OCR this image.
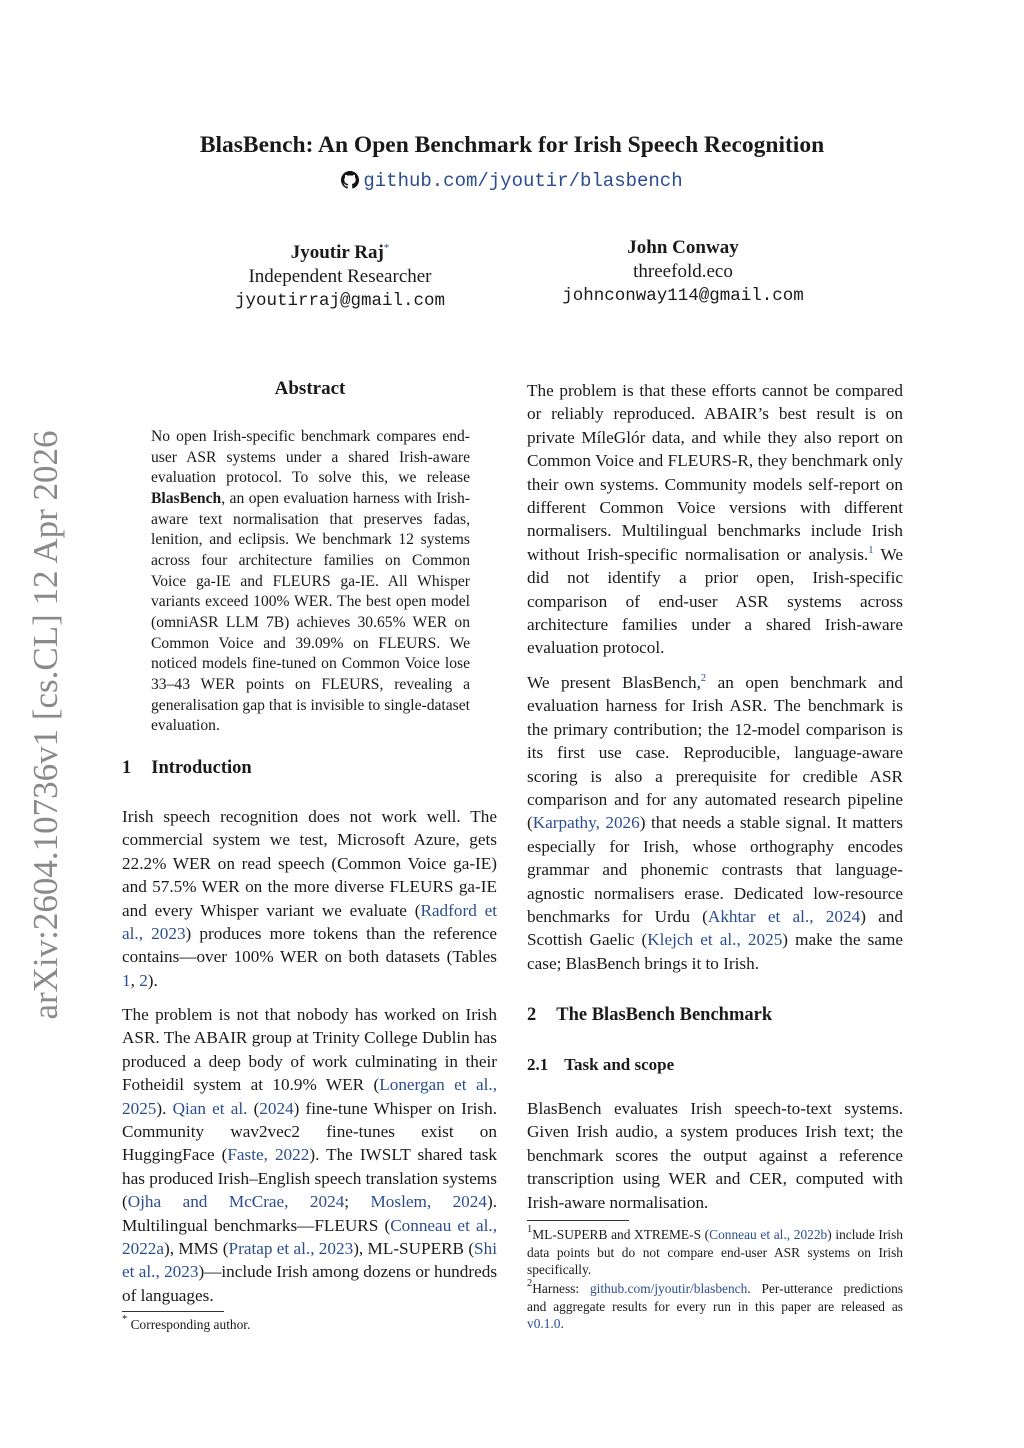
BlasBench: An Open Benchmark for Irish Speech Recognition
github.com/jyoutir/blasbench
Jyoutir Raj*
Independent Researcher
jyoutirraj@gmail.com
John Conway
threefold.eco
johnconway114@gmail.com
arXiv:2604.10736v1 [cs.CL] 12 Apr 2026
Abstract
No open Irish-specific benchmark compares end-user ASR systems under a shared Irish-aware evaluation protocol. To solve this, we release BlasBench, an open evaluation harness with Irish-aware text normalisation that preserves fadas, lenition, and eclipsis. We benchmark 12 systems across four architecture families on Common Voice ga-IE and FLEURS ga-IE. All Whisper variants exceed 100% WER. The best open model (omniASR LLM 7B) achieves 30.65% WER on Common Voice and 39.09% on FLEURS. We noticed models fine-tuned on Common Voice lose 33–43 WER points on FLEURS, revealing a generalisation gap that is invisible to single-dataset evaluation.
1 Introduction

Irish speech recognition does not work well. The commercial system we test, Microsoft Azure, gets 22.2% WER on read speech (Common Voice ga-IE) and 57.5% WER on the more diverse FLEURS ga-IE and every Whisper variant we evaluate (Radford et al., 2023) produces more tokens than the reference contains—over 100% WER on both datasets (Tables 1, 2).

The problem is not that nobody has worked on Irish ASR. The ABAIR group at Trinity College Dublin has produced a deep body of work culminating in their Fotheidil system at 10.9% WER (Lonergan et al., 2025). Qian et al. (2024) fine-tune Whisper on Irish. Community wav2vec2 fine-tunes exist on HuggingFace (Faste, 2022). The IWSLT shared task has produced Irish–English speech translation systems (Ojha and McCrae, 2024; Moslem, 2024). Multilingual benchmarks—FLEURS (Conneau et al., 2022a), MMS (Pratap et al., 2023), ML-SUPERB (Shi et al., 2023)—include Irish among dozens or hundreds of languages.

* Corresponding author.

The problem is that these efforts cannot be compared or reliably reproduced. ABAIR’s best result is on private MíleGlór data, and while they also report on Common Voice and FLEURS-R, they benchmark only their own systems. Community models self-report on different Common Voice versions with different normalisers. Multilingual benchmarks include Irish without Irish-specific normalisation or analysis.$^1$ We did not identify a prior open, Irish-specific comparison of end-user ASR systems across architecture families under a shared Irish-aware evaluation protocol.

We present BlasBench,$^2$ an open benchmark and evaluation harness for Irish ASR. The benchmark is the primary contribution; the 12-model comparison is its first use case. Reproducible, language-aware scoring is also a prerequisite for credible ASR comparison and for any automated research pipeline (Karpathy, 2026) that needs a stable signal. It matters especially for Irish, whose orthography encodes grammar and phonemic contrasts that language-agnostic normalisers erase. Dedicated low-resource benchmarks for Urdu (Akhtar et al., 2024) and Scottish Gaelic (Klejch et al., 2025) make the same case; BlasBench brings it to Irish.

2 The BlasBench Benchmark
2.1 Task and scope

BlasBench evaluates Irish speech-to-text systems. Given Irish audio, a system produces Irish text; the benchmark scores the output against a reference transcription using WER and CER, computed with Irish-aware normalisation.

$^1$ML-SUPERB and XTREME-S (Conneau et al., 2022b) include Irish data points but do not compare end-user ASR systems on Irish specifically.
$^2$Harness: github.com/jyoutir/blasbench. Per-utterance predictions and aggregate results for every run in this paper are released as v0.1.0.
